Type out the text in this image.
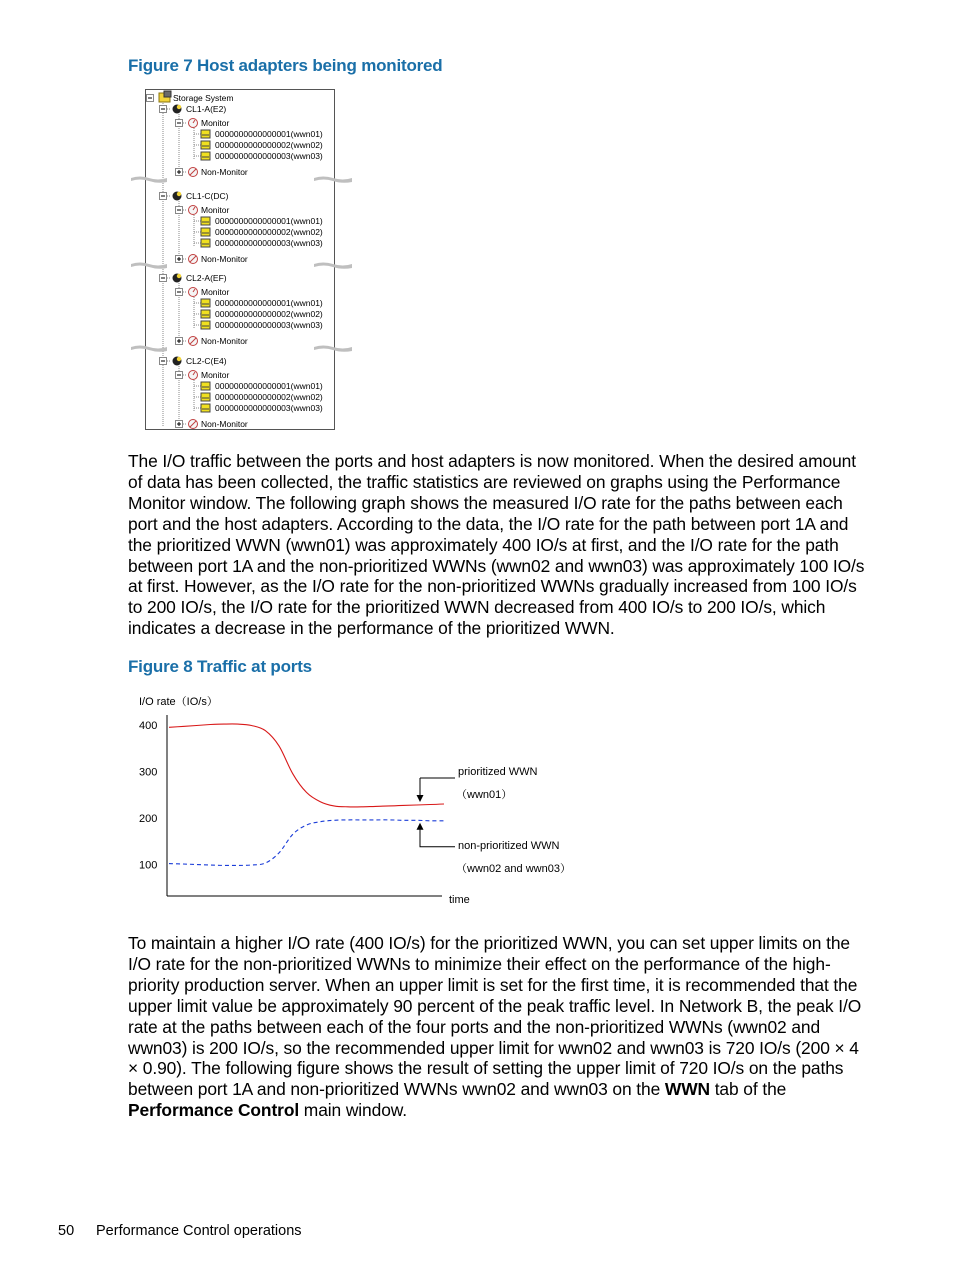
Figure 7 Host adapters being monitored
Storage System
CL1-A(E2)
Monitor
0000000000000001(wwn01)
0000000000000002(wwn02)
0000000000000003(wwn03)
Non-Monitor
CL1-C(DC)
Monitor
0000000000000001(wwn01)
0000000000000002(wwn02)
0000000000000003(wwn03)
Non-Monitor
CL2-A(EF)
Monitor
0000000000000001(wwn01)
0000000000000002(wwn02)
0000000000000003(wwn03)
Non-Monitor
CL2-C(E4)
Monitor
0000000000000001(wwn01)
0000000000000002(wwn02)
0000000000000003(wwn03)
Non-Monitor

The I/O traffic between the ports and host adapters is now monitored. When the desired amount of data has been collected, the traffic statistics are reviewed on graphs using the Performance Monitor window. The following graph shows the measured I/O rate for the paths between each port and the host adapters. According to the data, the I/O rate for the path between port 1A and the prioritized WWN (wwn01) was approximately 400 IO/s at first, and the I/O rate for the path between port 1A and the non-prioritized WWNs (wwn02 and wwn03) was approximately 100 IO/s at first. However, as the I/O rate for the non-prioritized WWNs gradually increased from 100 IO/s to 200 IO/s, the I/O rate for the prioritized WWN decreased from 400 IO/s to 200 IO/s, which indicates a decrease in the performance of the prioritized WWN.

Figure 8 Traffic at ports
I/O rate（IO/s）
400
300
200
100
time
prioritized WWN
（wwn01）
non-prioritized WWN
（wwn02 and wwn03）

To maintain a higher I/O rate (400 IO/s) for the prioritized WWN, you can set upper limits on the I/O rate for the non-prioritized WWNs to minimize their effect on the performance of the high-priority production server. When an upper limit is set for the first time, it is recommended that the upper limit value be approximately 90 percent of the peak traffic level. In Network B, the peak I/O rate at the paths between each of the four ports and the non-prioritized WWNs (wwn02 and wwn03) is 200 IO/s, so the recommended upper limit for wwn02 and wwn03 is 720 IO/s (200 × 4 × 0.90). The following figure shows the result of setting the upper limit of 720 IO/s on the paths between port 1A and non-prioritized WWNs wwn02 and wwn03 on the WWN tab of the Performance Control main window.

50 Performance Control operations
